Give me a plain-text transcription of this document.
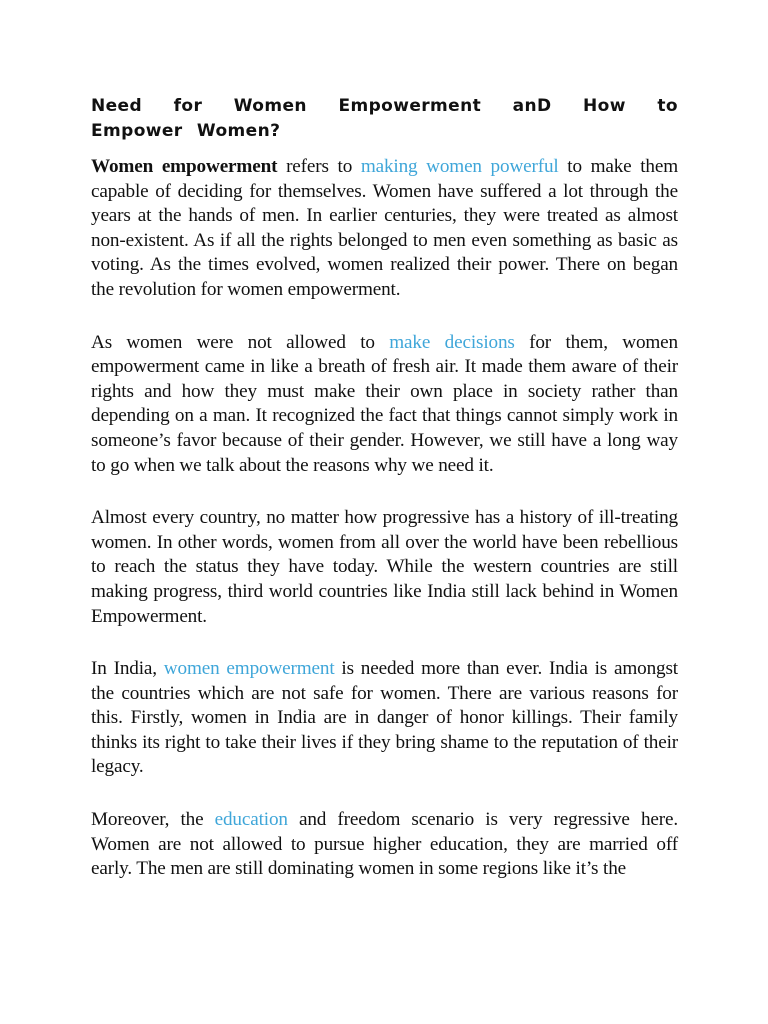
Need for Women Empowerment anD How to Empower Women?

Women empowerment refers to making women powerful to make them capable of deciding for themselves. Women have suffered a lot through the years at the hands of men. In earlier centuries, they were treated as almost non-existent. As if all the rights belonged to men even something as basic as voting. As the times evolved, women realized their power. There on began the revolution for women empowerment.

As women were not allowed to make decisions for them, women empowerment came in like a breath of fresh air. It made them aware of their rights and how they must make their own place in society rather than depending on a man. It recognized the fact that things cannot simply work in someone’s favor because of their gender. However, we still have a long way to go when we talk about the reasons why we need it.

Almost every country, no matter how progressive has a history of ill-treating women. In other words, women from all over the world have been rebellious to reach the status they have today. While the western countries are still making progress, third world countries like India still lack behind in Women Empowerment.

In India, women empowerment is needed more than ever. India is amongst the countries which are not safe for women. There are various reasons for this. Firstly, women in India are in danger of honor killings. Their family thinks its right to take their lives if they bring shame to the reputation of their legacy.

Moreover, the education and freedom scenario is very regressive here. Women are not allowed to pursue higher education, they are married off early. The men are still dominating women in some regions like it’s the
